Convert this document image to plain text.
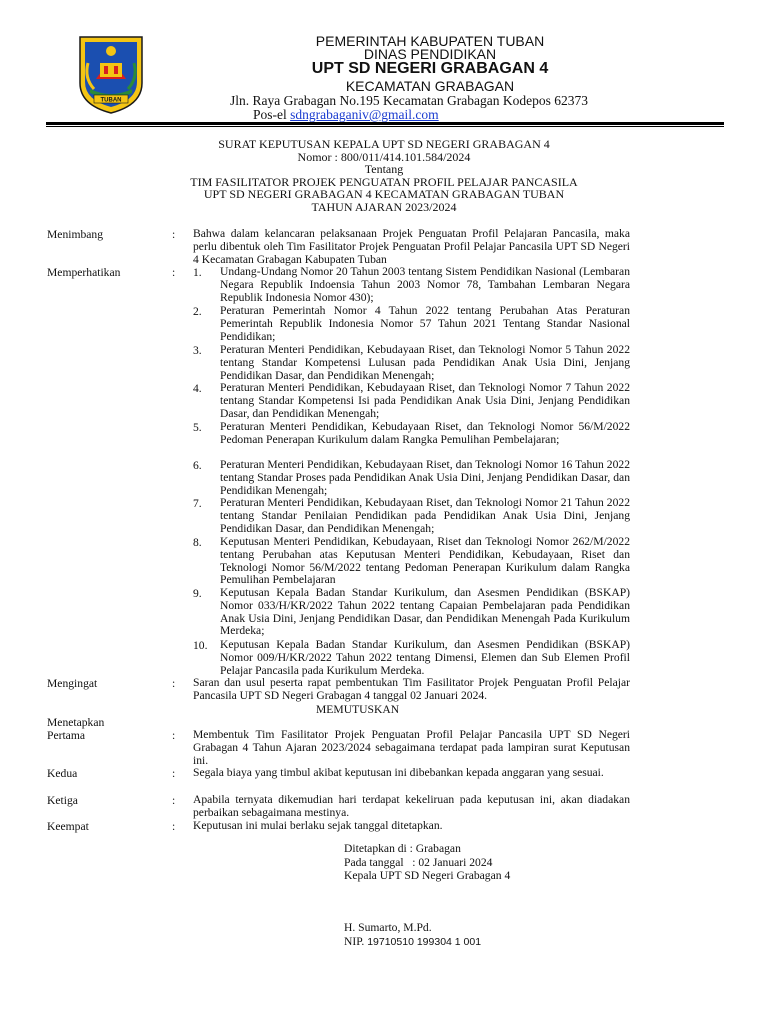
TUBAN
PEMERINTAH KABUPATEN TUBAN
DINAS PENDIDIKAN
UPT SD NEGERI GRABAGAN 4
KECAMATAN GRABAGAN
Jln. Raya Grabagan No.195 Kecamatan Grabagan Kodepos 62373
Pos-el sdngrabaganiv@gmail.com
SURAT KEPUTUSAN KEPALA UPT SD NEGERI GRABAGAN 4
Nomor : 800/011/414.101.584/2024
Tentang
TIM FASILITATOR PROJEK PENGUATAN PROFIL PELAJAR PANCASILA
UPT SD NEGERI GRABAGAN 4 KECAMATAN GRABAGAN TUBAN
TAHUN AJARAN 2023/2024
Menimbang	: Bahwa dalam kelancaran pelaksanaan Projek Penguatan Profil Pelajaran Pancasila, maka perlu dibentuk oleh Tim Fasilitator Projek Penguatan Profil Pelajar Pancasila UPT SD Negeri 4 Kecamatan Grabagan Kabupaten Tuban
Memperhatikan	: 1. Undang-Undang Nomor 20 Tahun 2003 tentang Sistem Pendidikan Nasional (Lembaran Negara Republik Indoensia Tahun 2003 Nomor 78, Tambahan Lembaran Negara Republik Indonesia Nomor 430);
2. Peraturan Pemerintah Nomor 4 Tahun 2022 tentang Perubahan Atas Peraturan Pemerintah Republik Indonesia Nomor 57 Tahun 2021 Tentang Standar Nasional Pendidikan;
3. Peraturan Menteri Pendidikan, Kebudayaan Riset, dan Teknologi Nomor 5 Tahun 2022 tentang Standar Kompetensi Lulusan pada Pendidikan Anak Usia Dini, Jenjang Pendidikan Dasar, dan Pendidikan Menengah;
4. Peraturan Menteri Pendidikan, Kebudayaan Riset, dan Teknologi Nomor 7 Tahun 2022 tentang Standar Kompetensi Isi pada Pendidikan Anak Usia Dini, Jenjang Pendidikan Dasar, dan Pendidikan Menengah;
5. Peraturan Menteri Pendidikan, Kebudayaan Riset, dan Teknologi Nomor 56/M/2022 Pedoman Penerapan Kurikulum dalam Rangka Pemulihan Pembelajaran;
6. Peraturan Menteri Pendidikan, Kebudayaan Riset, dan Teknologi Nomor 16 Tahun 2022 tentang Standar Proses pada Pendidikan Anak Usia Dini, Jenjang Pendidikan Dasar, dan Pendidikan Menengah;
7. Peraturan Menteri Pendidikan, Kebudayaan Riset, dan Teknologi Nomor 21 Tahun 2022 tentang Standar Penilaian Pendidikan pada Pendidikan Anak Usia Dini, Jenjang Pendidikan Dasar, dan Pendidikan Menengah;
8. Keputusan Menteri Pendidikan, Kebudayaan, Riset dan Teknologi Nomor 262/M/2022 tentang Perubahan atas Keputusan Menteri Pendidikan, Kebudayaan, Riset dan Teknologi Nomor 56/M/2022 tentang Pedoman Penerapan Kurikulum dalam Rangka Pemulihan Pembelajaran
9. Keputusan Kepala Badan Standar Kurikulum, dan Asesmen Pendidikan (BSKAP) Nomor 033/H/KR/2022 Tahun 2022 tentang Capaian Pembelajaran pada Pendidikan Anak Usia Dini, Jenjang Pendidikan Dasar, dan Pendidikan Menengah Pada Kurikulum Merdeka;
10. Keputusan Kepala Badan Standar Kurikulum, dan Asesmen Pendidikan (BSKAP) Nomor 009/H/KR/2022 Tahun 2022 tentang Dimensi, Elemen dan Sub Elemen Profil Pelajar Pancasila pada Kurikulum Merdeka.
Mengingat	: Saran dan usul peserta rapat pembentukan Tim Fasilitator Projek Penguatan Profil Pelajar Pancasila UPT SD Negeri Grabagan 4 tanggal 02 Januari 2024.
MEMUTUSKAN
Menetapkan
Pertama	: Membentuk Tim Fasilitator Projek Penguatan Profil Pelajar Pancasila UPT SD Negeri Grabagan 4 Tahun Ajaran 2023/2024 sebagaimana terdapat pada lampiran surat Keputusan ini.
Kedua	: Segala biaya yang timbul akibat keputusan ini dibebankan kepada anggaran yang sesuai.
Ketiga	: Apabila ternyata dikemudian hari terdapat kekeliruan pada keputusan ini, akan diadakan perbaikan sebagaimana mestinya.
Keempat	: Keputusan ini mulai berlaku sejak tanggal ditetapkan.
Ditetapkan di : Grabagan
Pada tanggal   : 02 Januari 2024
Kepala UPT SD Negeri Grabagan 4
H. Sumarto, M.Pd.
NIP. 19710510 199304 1 001
